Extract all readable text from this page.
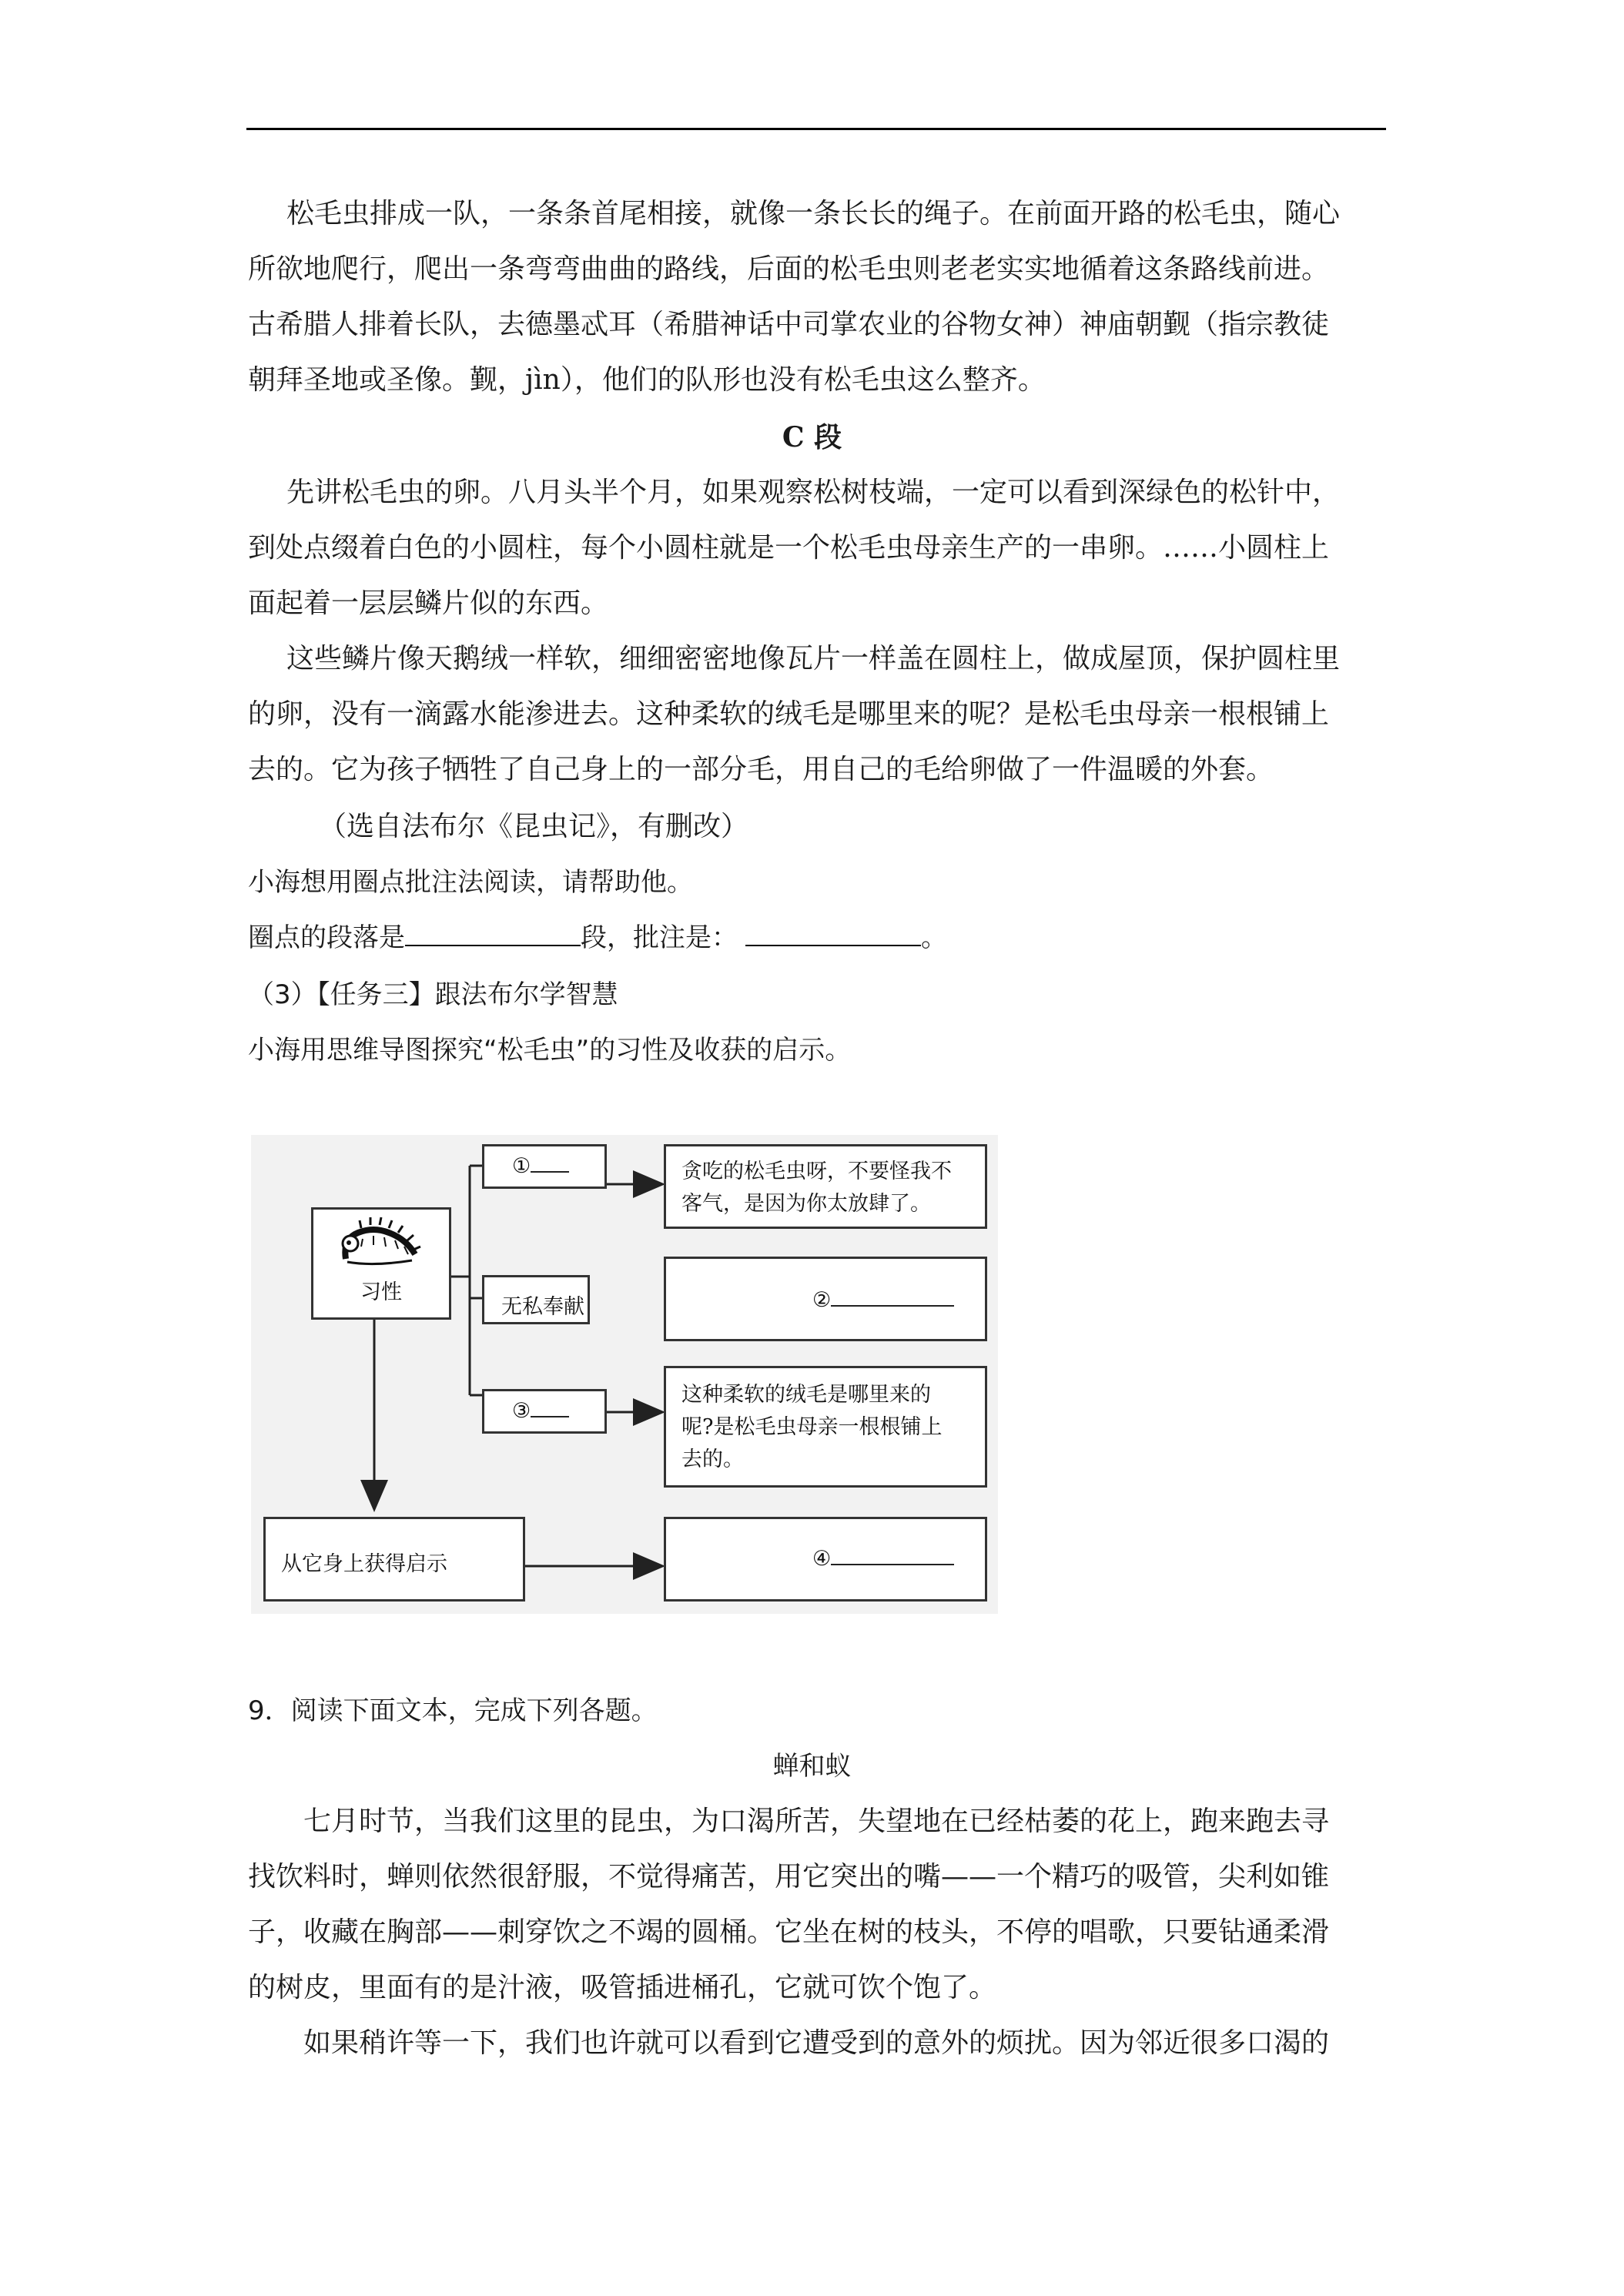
松毛虫排成一队，一条条首尾相接，就像一条长长的绳子。在前面开路的松毛虫，随心
所欲地爬行，爬出一条弯弯曲曲的路线，后面的松毛虫则老老实实地循着这条路线前进。
古希腊人排着长队，去德墨忒耳（希腊神话中司掌农业的谷物女神）神庙朝觐（指宗教徒
朝拜圣地或圣像。觐，jìn），他们的队形也没有松毛虫这么整齐。
C 段
先讲松毛虫的卵。八月头半个月，如果观察松树枝端，一定可以看到深绿色的松针中，
到处点缀着白色的小圆柱，每个小圆柱就是一个松毛虫母亲生产的一串卵。……小圆柱上
面起着一层层鳞片似的东西。
这些鳞片像天鹅绒一样软，细细密密地像瓦片一样盖在圆柱上，做成屋顶，保护圆柱里
的卵，没有一滴露水能渗进去。这种柔软的绒毛是哪里来的呢？是松毛虫母亲一根根铺上
去的。它为孩子牺牲了自己身上的一部分毛，用自己的毛给卵做了一件温暖的外套。
（选自法布尔《昆虫记》，有删改）
小海想用圈点批注法阅读，请帮助他。
圈点的段落是	段，批注是：	。
（3）【任务三】跟法布尔学智慧
小海用思维导图探究“松毛虫”的习性及收获的启示。
习性
①
无私奉献
③
贪吃的松毛虫呀，不要怪我不
客气，是因为你太放肆了。
②
这种柔软的绒毛是哪里来的
呢?是松毛虫母亲一根根铺上
去的。
从它身上获得启示	④
9．阅读下面文本，完成下列各题。
蝉和蚁
七月时节，当我们这里的昆虫，为口渴所苦，失望地在已经枯萎的花上，跑来跑去寻
找饮料时，蝉则依然很舒服，不觉得痛苦，用它突出的嘴——一个精巧的吸管，尖利如锥
子，收藏在胸部——刺穿饮之不竭的圆桶。它坐在树的枝头，不停的唱歌，只要钻通柔滑
的树皮，里面有的是汁液，吸管插进桶孔，它就可饮个饱了。
如果稍许等一下，我们也许就可以看到它遭受到的意外的烦扰。因为邻近很多口渴的
